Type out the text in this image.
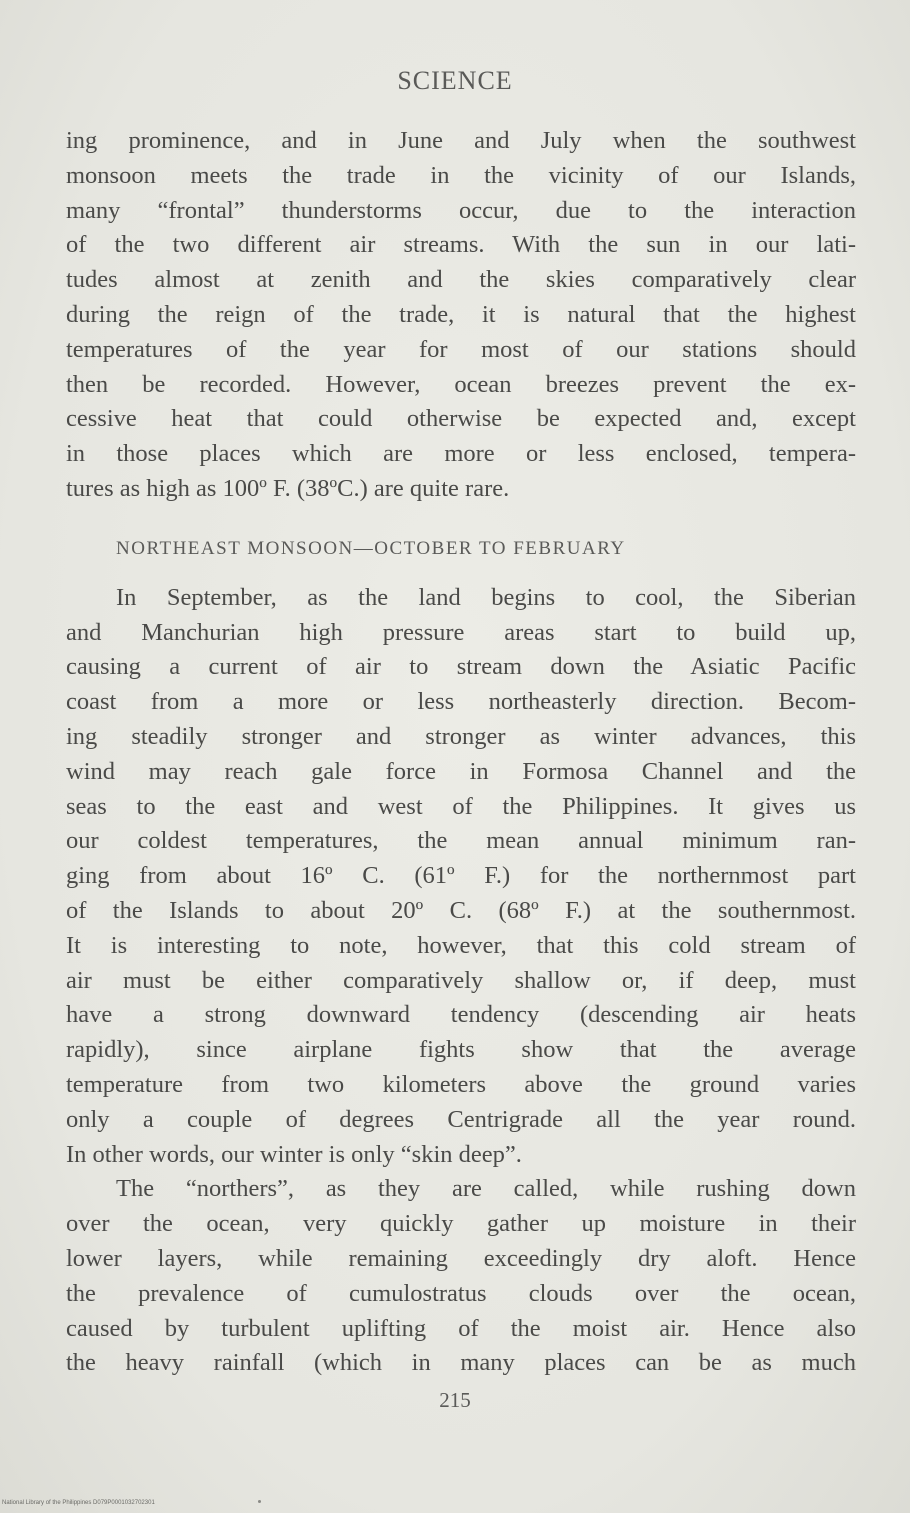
SCIENCE
ing prominence, and in June and July when the southwest
monsoon meets the trade in the vicinity of our Islands,
many “frontal” thunderstorms occur, due to the interaction
of the two different air streams. With the sun in our lati-
tudes almost at zenith and the skies comparatively clear
during the reign of the trade, it is natural that the highest
temperatures of the year for most of our stations should
then be recorded. However, ocean breezes prevent the ex-
cessive heat that could otherwise be expected and, except
in those places which are more or less enclosed, tempera-
tures as high as 100º F. (38ºC.) are quite rare.
NORTHEAST MONSOON—OCTOBER TO FEBRUARY
In September, as the land begins to cool, the Siberian
and Manchurian high pressure areas start to build up,
causing a current of air to stream down the Asiatic Pacific
coast from a more or less northeasterly direction. Becom-
ing steadily stronger and stronger as winter advances, this
wind may reach gale force in Formosa Channel and the
seas to the east and west of the Philippines. It gives us
our coldest temperatures, the mean annual minimum ran-
ging from about 16º C. (61º F.) for the northernmost part
of the Islands to about 20º C. (68º F.) at the southernmost.
It is interesting to note, however, that this cold stream of
air must be either comparatively shallow or, if deep, must
have a strong downward tendency (descending air heats
rapidly), since airplane fights show that the average
temperature from two kilometers above the ground varies
only a couple of degrees Centrigrade all the year round.
In other words, our winter is only “skin deep”.
The “northers”, as they are called, while rushing down
over the ocean, very quickly gather up moisture in their
lower layers, while remaining exceedingly dry aloft. Hence
the prevalence of cumulostratus clouds over the ocean,
caused by turbulent uplifting of the moist air. Hence also
the heavy rainfall (which in many places can be as much
215
National Library of the Philippines D079P0001032702301
